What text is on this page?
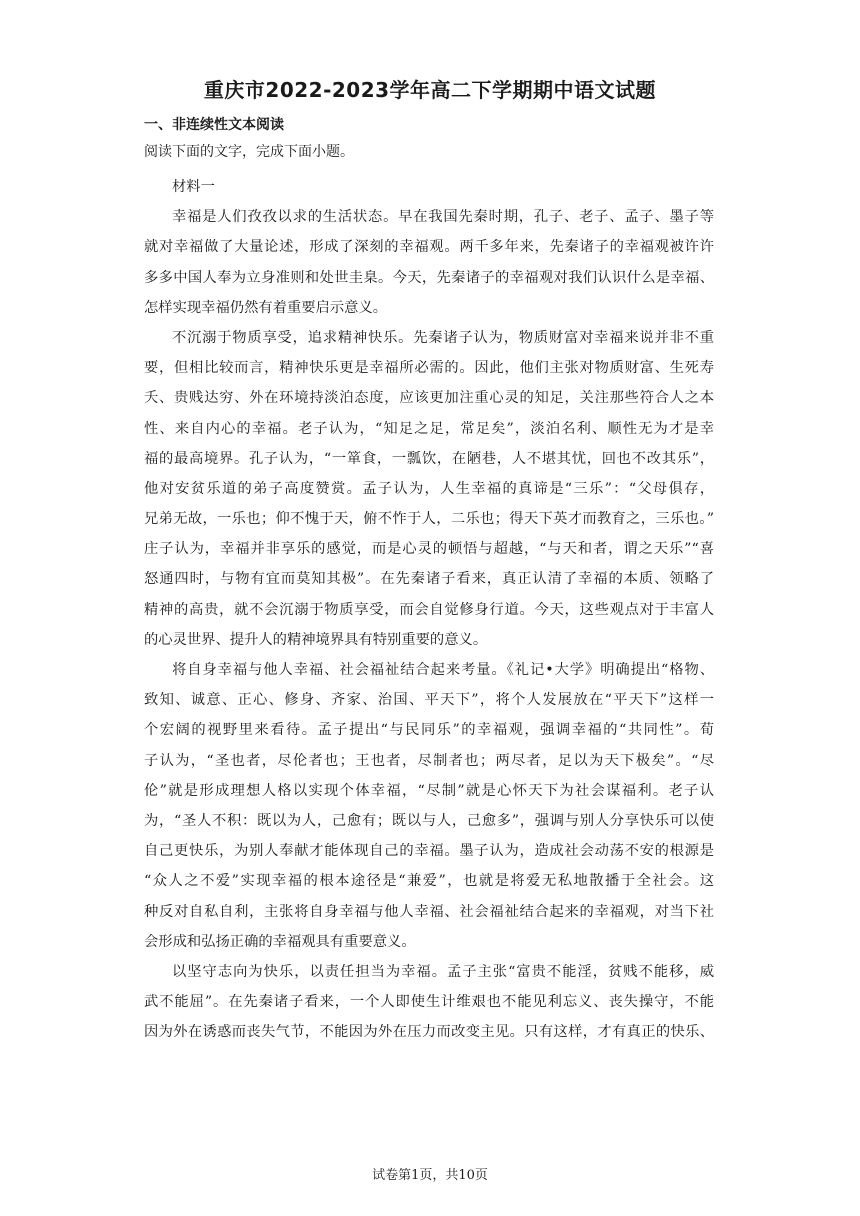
重庆市2022-2023学年高二下学期期中语文试题
一、非连续性文本阅读
阅读下面的文字，完成下面小题。
材料一
幸福是人们孜孜以求的生活状态。早在我国先秦时期，孔子、老子、孟子、墨子等
就对幸福做了大量论述，形成了深刻的幸福观。两千多年来，先秦诸子的幸福观被许许
多多中国人奉为立身准则和处世圭臬。今天，先秦诸子的幸福观对我们认识什么是幸福、
怎样实现幸福仍然有着重要启示意义。
不沉溺于物质享受，追求精神快乐。先秦诸子认为，物质财富对幸福来说并非不重
要，但相比较而言，精神快乐更是幸福所必需的。因此，他们主张对物质财富、生死寿
夭、贵贱达穷、外在环境持淡泊态度，应该更加注重心灵的知足，关注那些符合人之本
性、来自内心的幸福。老子认为，“知足之足，常足矣”，淡泊名利、顺性无为才是幸
福的最高境界。孔子认为，“一箪食，一瓢饮，在陋巷，人不堪其忧，回也不改其乐”，
他对安贫乐道的弟子高度赞赏。孟子认为，人生幸福的真谛是“三乐”：“父母俱存，
兄弟无故，一乐也；仰不愧于天，俯不怍于人，二乐也；得天下英才而教育之，三乐也。”
庄子认为，幸福并非享乐的感觉，而是心灵的顿悟与超越，“与天和者，谓之天乐”“喜
怒通四时，与物有宜而莫知其极”。在先秦诸子看来，真正认清了幸福的本质、领略了
精神的高贵，就不会沉溺于物质享受，而会自觉修身行道。今天，这些观点对于丰富人
的心灵世界、提升人的精神境界具有特别重要的意义。
将自身幸福与他人幸福、社会福祉结合起来考量。《礼记•大学》明确提出“格物、
致知、诚意、正心、修身、齐家、治国、平天下”，将个人发展放在“平天下”这样一
个宏阔的视野里来看待。孟子提出“与民同乐”的幸福观，强调幸福的“共同性”。荀
子认为，“圣也者，尽伦者也；王也者，尽制者也；两尽者，足以为天下极矣”。“尽
伦”就是形成理想人格以实现个体幸福，“尽制”就是心怀天下为社会谋福利。老子认
为，“圣人不积：既以为人，己愈有；既以与人，己愈多”，强调与别人分享快乐可以使
自己更快乐，为别人奉献才能体现自己的幸福。墨子认为，造成社会动荡不安的根源是
“众人之不爱”实现幸福的根本途径是“兼爱”，也就是将爱无私地散播于全社会。这
种反对自私自利，主张将自身幸福与他人幸福、社会福祉结合起来的幸福观，对当下社
会形成和弘扬正确的幸福观具有重要意义。
以坚守志向为快乐，以责任担当为幸福。孟子主张“富贵不能淫，贫贱不能移，威
武不能屈”。在先秦诸子看来，一个人即使生计维艰也不能见利忘义、丧失操守，不能
因为外在诱惑而丧失气节，不能因为外在压力而改变主见。只有这样，才有真正的快乐、
试卷第1页，共10页
